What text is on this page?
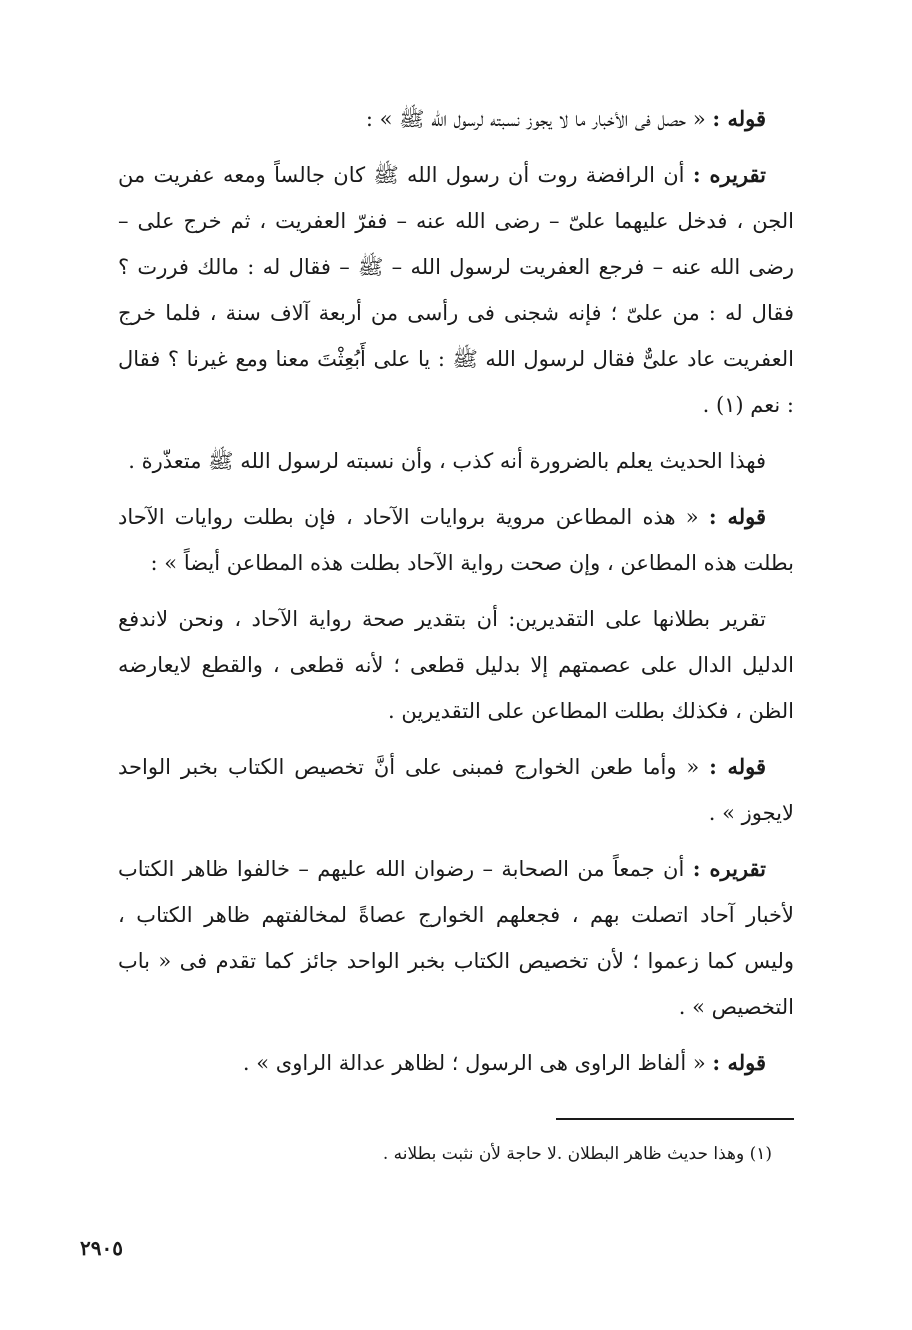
قوله : « حصل فى الأخبار ما لا يجوز نسبته لرسول الله ﷺ » :

تقريره : أن الرافضة روت أن رسول الله ﷺ كان جالساً ومعه عفريت من الجن ، فدخل عليهما علىّ – رضى الله عنه – ففرّ العفريت ، ثم خرج على – رضى الله عنه – فرجع العفريت لرسول الله – ﷺ – فقال له : مالك فررت ؟ فقال له : من علىّ ؛ فإنه شجنى فى رأسى من أربعة آلاف سنة ، فلما خرج العفريت عاد علىٌّ فقال لرسول الله ﷺ : يا على أَبُعِثْتَ معنا ومع غيرنا ؟ فقال : نعم (١) .

فهذا الحديث يعلم بالضرورة أنه كذب ، وأن نسبته لرسول الله ﷺ متعذّرة .

قوله : « هذه المطاعن مروية بروايات الآحاد ، فإن بطلت روايات الآحاد بطلت هذه المطاعن ، وإن صحت رواية الآحاد بطلت هذه المطاعن أيضاً » :

تقرير بطلانها على التقديرين: أن بتقدير صحة رواية الآحاد ، ونحن لاندفع الدليل الدال على عصمتهم إلا بدليل قطعى ؛ لأنه قطعى ، والقطع لايعارضه الظن ، فكذلك بطلت المطاعن على التقديرين .

قوله : « وأما طعن الخوارج فمبنى على أنَّ تخصيص الكتاب بخبر الواحد لايجوز » .

تقريره : أن جمعاً من الصحابة – رضوان الله عليهم – خالفوا ظاهر الكتاب لأخبار آحاد اتصلت بهم ، فجعلهم الخوارج عصاةً لمخالفتهم ظاهر الكتاب ، وليس كما زعموا ؛ لأن تخصيص الكتاب بخبر الواحد جائز كما تقدم فى « باب التخصيص » .

قوله : « ألفاظ الراوى هى الرسول ؛ لظاهر عدالة الراوى » .

(١) وهذا حديث ظاهر البطلان .لا حاجة لأن نثبت بطلانه .

٢٩٠٥
